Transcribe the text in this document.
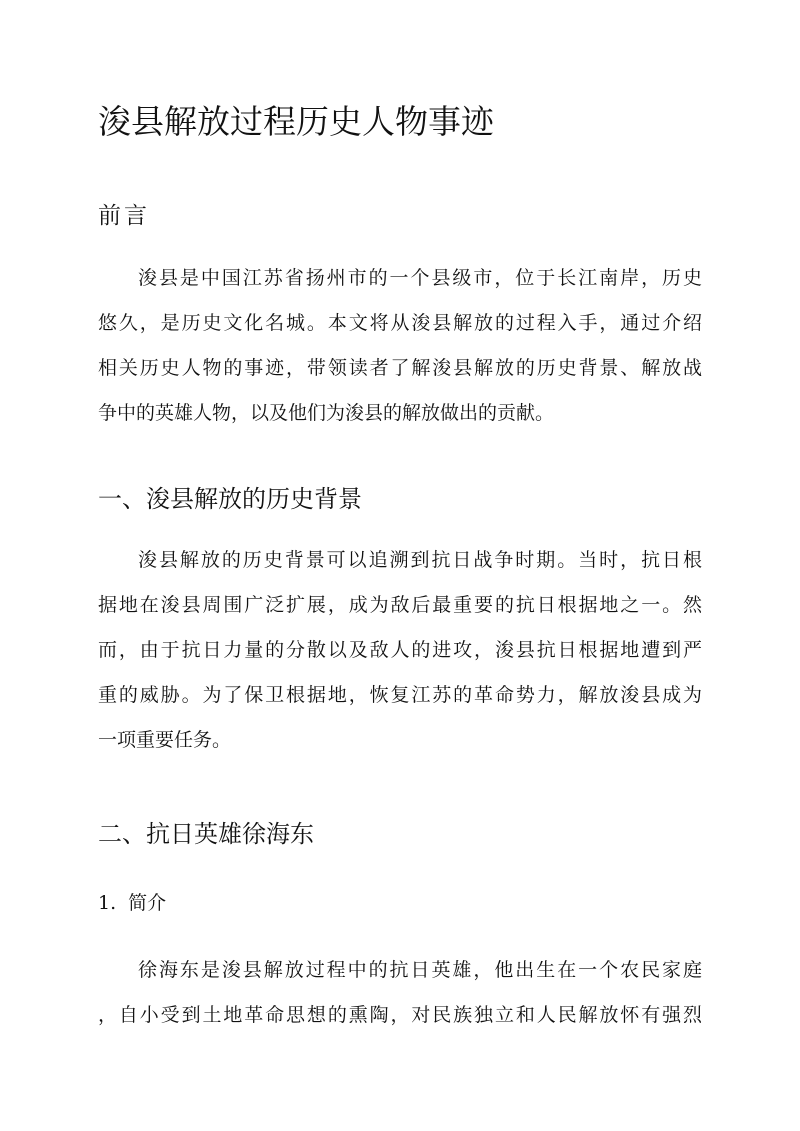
浚县解放过程历史人物事迹
前言
浚县是中国江苏省扬州市的一个县级市，位于长江南岸，历史
悠久，是历史文化名城。本文将从浚县解放的过程入手，通过介绍
相关历史人物的事迹，带领读者了解浚县解放的历史背景、解放战
争中的英雄人物，以及他们为浚县的解放做出的贡献。
一、浚县解放的历史背景
浚县解放的历史背景可以追溯到抗日战争时期。当时，抗日根
据地在浚县周围广泛扩展，成为敌后最重要的抗日根据地之一。然
而，由于抗日力量的分散以及敌人的进攻，浚县抗日根据地遭到严
重的威胁。为了保卫根据地，恢复江苏的革命势力，解放浚县成为
一项重要任务。
二、抗日英雄徐海东
1. 简介
徐海东是浚县解放过程中的抗日英雄，他出生在一个农民家庭
，自小受到土地革命思想的熏陶，对民族独立和人民解放怀有强烈
